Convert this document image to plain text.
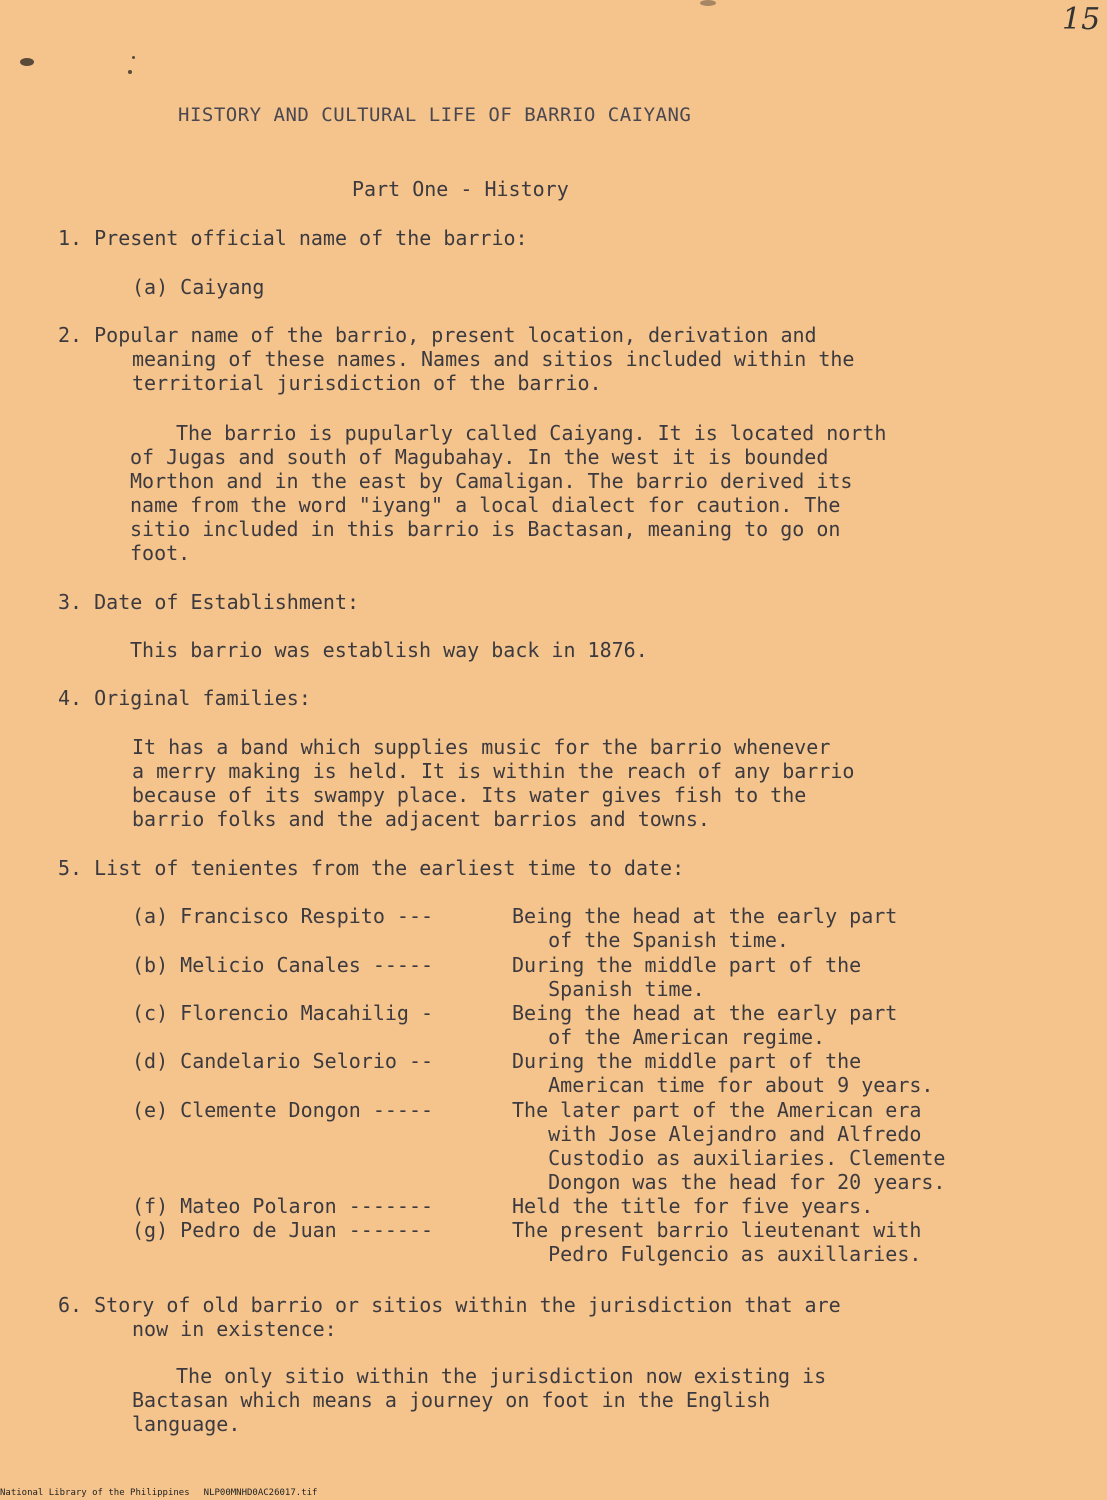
15
HISTORY AND CULTURAL LIFE OF BARRIO CAIYANG
Part One - History
1. Present official name of the barrio:
(a) Caiyang
2. Popular name of the barrio, present location, derivation and
meaning of these names. Names and sitios included within the
territorial jurisdiction of the barrio.
The barrio is pupularly called Caiyang. It is located north
of Jugas and south of Magubahay. In the west it is bounded
Morthon and in the east by Camaligan. The barrio derived its
name from the word "iyang" a local dialect for caution. The
sitio included in this barrio is Bactasan, meaning to go on
foot.
3. Date of Establishment:
This barrio was establish way back in 1876.
4. Original families:
It has a band which supplies music for the barrio whenever
a merry making is held. It is within the reach of any barrio
because of its swampy place. Its water gives fish to the
barrio folks and the adjacent barrios and towns.
5. List of tenientes from the earliest time to date:
(a) Francisco Respito ---	Being the head at the early part
of the Spanish time.
(b) Melicio Canales -----	During the middle part of the
Spanish time.
(c) Florencio Macahilig -	Being the head at the early part
of the American regime.
(d) Candelario Selorio --	During the middle part of the
American time for about 9 years.
(e) Clemente Dongon -----	The later part of the American era
with Jose Alejandro and Alfredo
Custodio as auxiliaries. Clemente
Dongon was the head for 20 years.
(f) Mateo Polaron -------	Held the title for five years.
(g) Pedro de Juan -------	The present barrio lieutenant with
Pedro Fulgencio as auxillaries.
6. Story of old barrio or sitios within the jurisdiction that are
now in existence:
The only sitio within the jurisdiction now existing is
Bactasan which means a journey on foot in the English
language.
National Library of the Philippines NLP00MNHD0AC26017.tif
